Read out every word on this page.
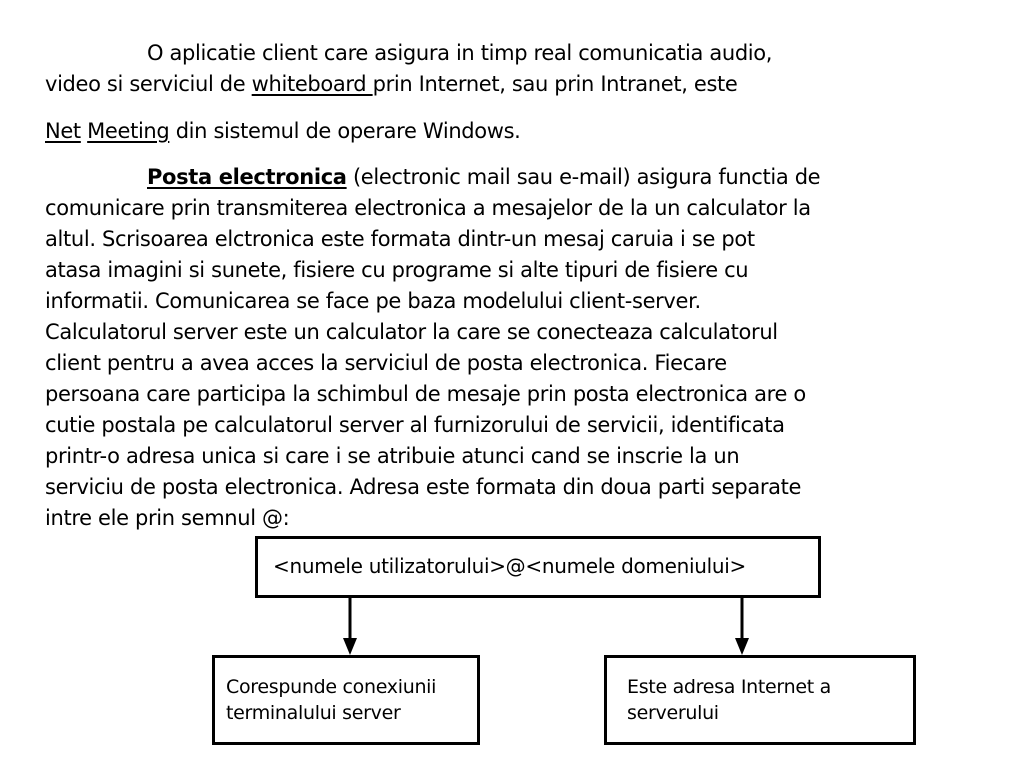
O aplicatie client care asigura in timp real comunicatia audio,
video si serviciul de whiteboard prin Internet, sau prin Intranet, este
Net Meeting din sistemul de operare Windows.
Posta electronica (electronic mail sau e-mail) asigura functia de
comunicare prin transmiterea electronica a mesajelor de la un calculator la
altul. Scrisoarea elctronica este formata dintr-un mesaj caruia i se pot
atasa imagini si sunete, fisiere cu programe si alte tipuri de fisiere cu
informatii. Comunicarea se face pe baza modelului client-server.
Calculatorul server este un calculator la care se conecteaza calculatorul
client pentru a avea acces la serviciul de posta electronica. Fiecare
persoana care participa la schimbul de mesaje prin posta electronica are o
cutie postala pe calculatorul server al furnizorului de servicii, identificata
printr-o adresa unica si care i se atribuie atunci cand se inscrie la un
serviciu de posta electronica. Adresa este formata din doua parti separate
intre ele prin semnul @:
<numele utilizatorului>@<numele domeniului>
Corespunde conexiunii
terminalului server
Este adresa Internet a
serverului
